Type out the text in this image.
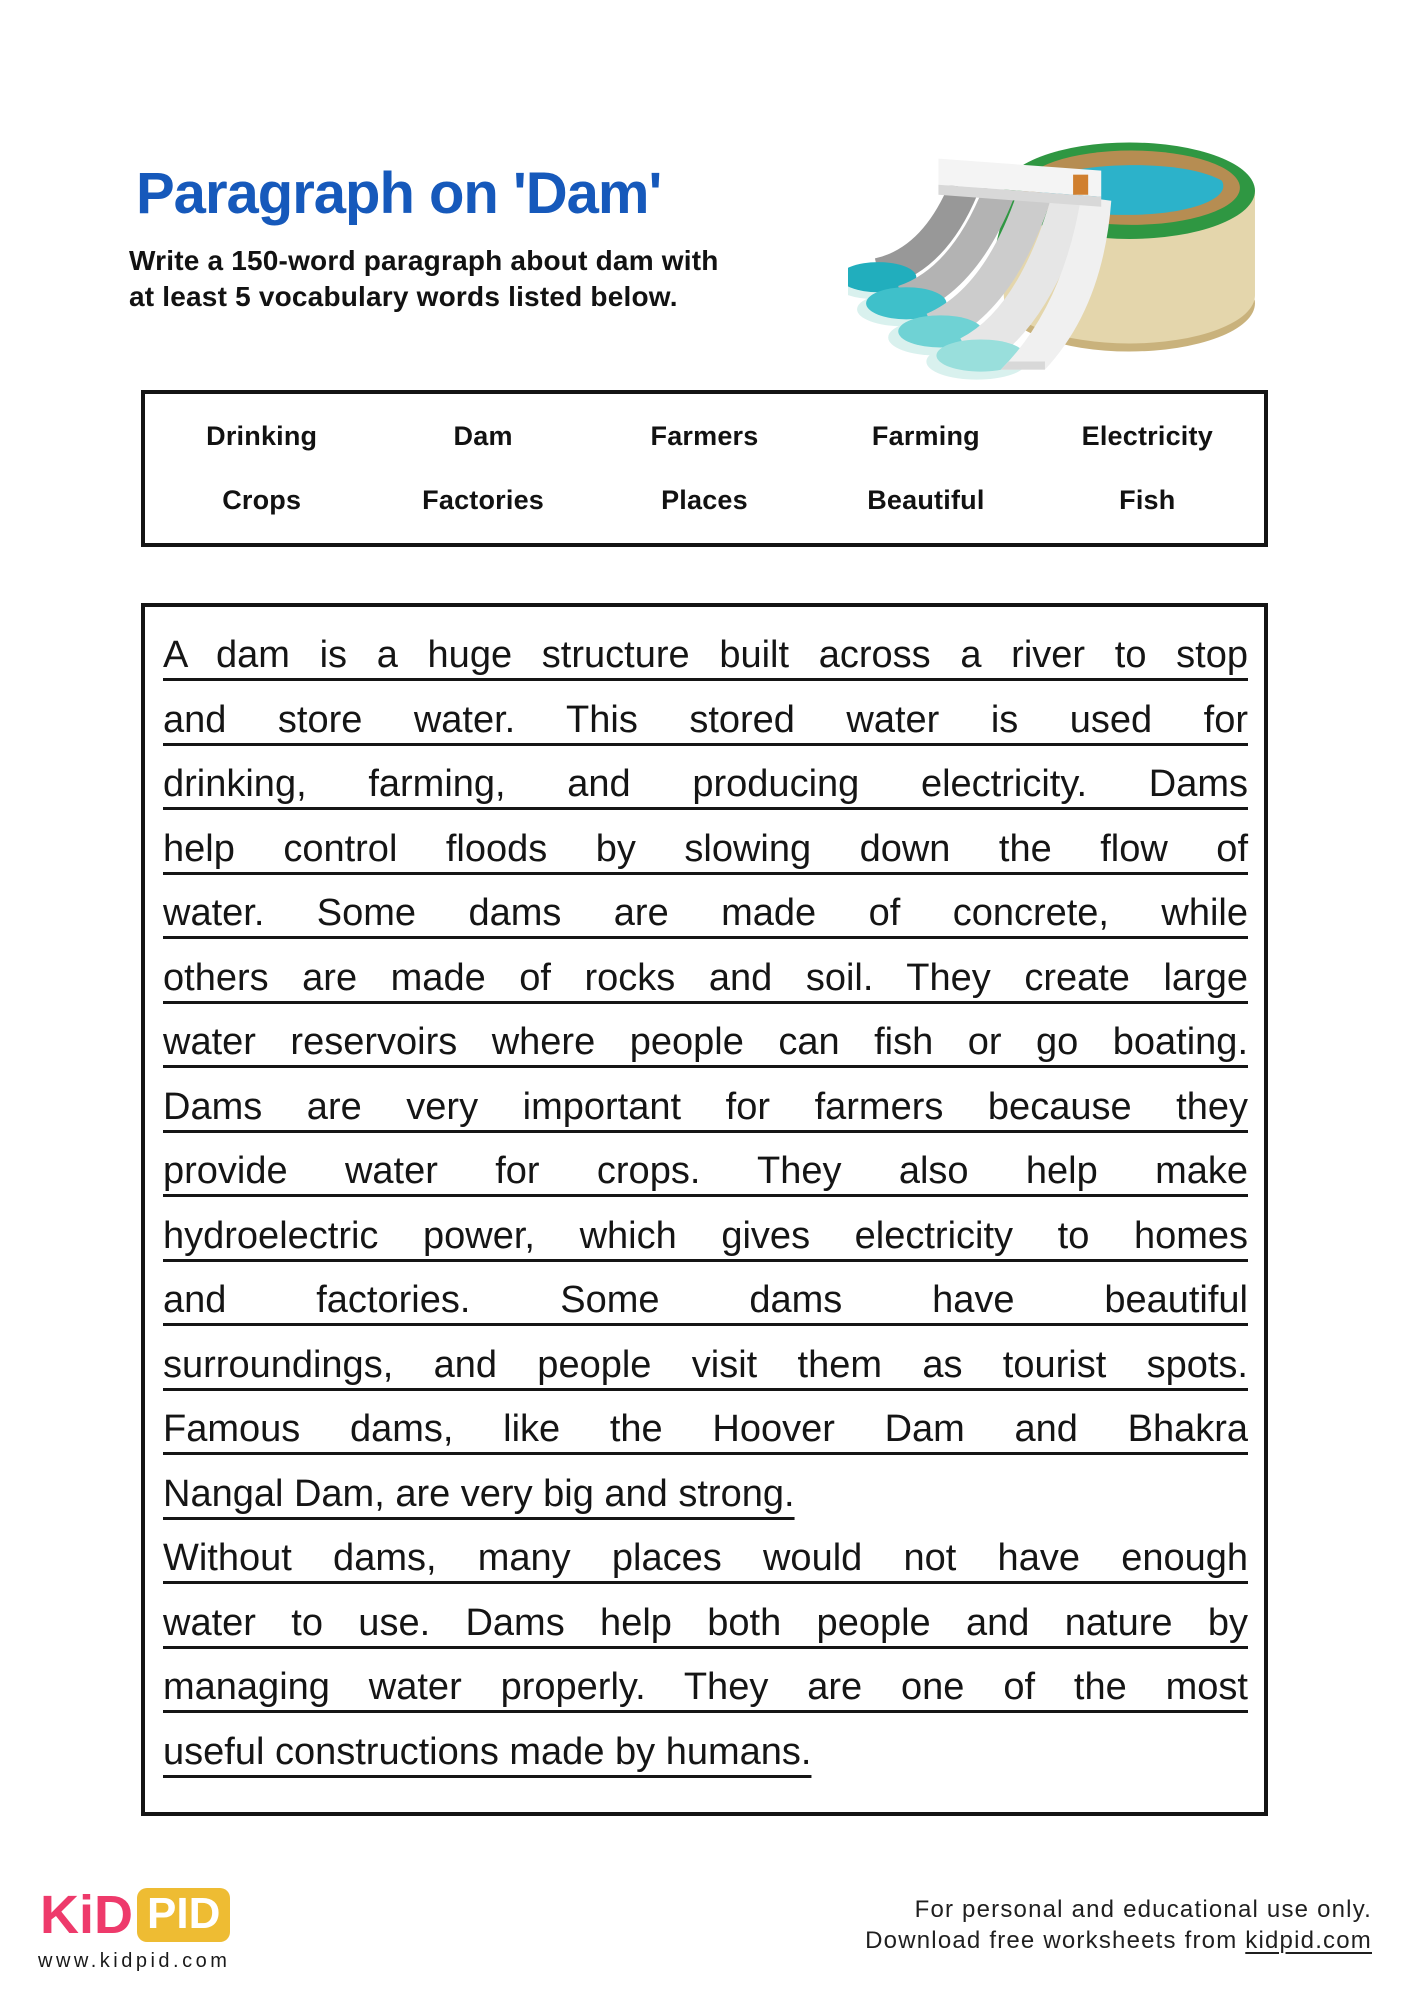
Paragraph on 'Dam'
Write a 150-word paragraph about dam with
at least 5 vocabulary words listed below.
Drinking	Dam	Farmers	Farming	Electricity
Crops	Factories	Places	Beautiful	Fish
A dam is a huge structure built across a river to stop
and store water. This stored water is used for
drinking, farming, and producing electricity. Dams
help control floods by slowing down the flow of
water. Some dams are made of concrete, while
others are made of rocks and soil. They create large
water reservoirs where people can fish or go boating.
Dams are very important for farmers because they
provide water for crops. They also help make
hydroelectric power, which gives electricity to homes
and factories. Some dams have beautiful
surroundings, and people visit them as tourist spots.
Famous dams, like the Hoover Dam and Bhakra
Nangal Dam, are very big and strong.
Without dams, many places would not have enough
water to use. Dams help both people and nature by
managing water properly. They are one of the most
useful constructions made by humans.
KiD PID
www.kidpid.com
For personal and educational use only.
Download free worksheets from kidpid.com
